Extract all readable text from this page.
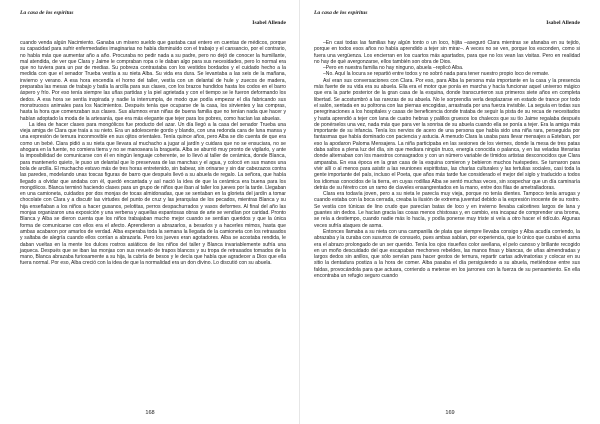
La casa de los espíritus
Isabel Allende

cuando venda algún Nacimiento. Ganaba un mísero sueldo que gastaba casi entero en cuentas de médicos, porque su capacidad para sufrir enfermedades imaginarias no había disminuido con el trabajo y el cansancio, por el contrario, no había más que aumentar año a año. Procuraba no pedir nada a su padre, pero no dejó de conocer la humillante, mal atendida, de ver que Clara y Jaime le compraban ropa o le daban algo para sus necesidades, pero lo normal era que no tuviera para un par de medias. Su pobreza contrastaba con los vestidos bordados y el cuidado hecho a la medida con que el senador Trueba vestía a su nieta Alba. Su vida era dura. Se levantaba a las seis de la mañana, invierno y verano. A esa hora encendía el horno del taller, vestía con un delantal de hule y zuecos de madera, preparaba las mesas de trabajo y batía la arcilla para sus clases, con los brazos hundidos hasta los codos en el barro áspero y frío. Por eso tenía siempre las uñas partidas y la piel agrietada y con el tiempo se le fueron deformando los dedos. A esa hora se sentía inspirada y nadie la interrumpía, de modo que podía empezar el día fabricando sus monstruosos animales para los Nacimientos. Después tenía que ocuparse de la casa, los sirvientes y las compras, hasta la hora que comenzaban sus clases. Sus alumnos eran niñas de buena familia que no tenían nada que hacer y habían adoptado la moda de la artesanía, que era más elegante que tejer para los pobres, como hacían las abuelas.

La idea de hacer clases para mongólicos fue producto del azar. Un día llegó a la casa del senador Trueba una vieja amiga de Clara que traía a su nieto. Era un adolescente gordo y blando, con una redonda cara de luna mansa y una expresión de ternura inconmovible en sus ojitos orientales. Tenía quince años, pero Alba se dio cuenta de que era como un bebé. Clara pidió a su nieta que llevara al muchacho a jugar al jardín y cuidara que no se ensuciara, no se ahogara en la fuente, no comiera tierra y no se manoseara la bragueta. Alba se aburrió muy pronto de vigilarlo, y ante la imposibilidad de comunicarse con él en ningún lenguaje coherente, se lo llevó al taller de cerámica, donde Blanca, para mantenerlo quieto, le puso un delantal que lo preservara de las manchas y el agua, y colocó en sus manos una bola de arcilla. El muchacho estuvo más de tres horas entretenido, sin babear, sin orinarse y sin dar cabezazos contra las paredes, modelando unas toscas figuras de barro que después llevó a su abuela de regalo. La señora, que había llegado a olvidar que andaba con él, quedó encantada y así nació la idea de que la cerámica era buena para los mongólicos. Blanca terminó haciendo clases para un grupo de niños que iban al taller los jueves por la tarde. Llegaban en una camioneta, cuidados por dos monjas de tocas almidonadas, que se sentaban en la glorieta del jardín a tomar chocolate con Clara y a discutir las virtudes del punto de cruz y las jerarquías de los pecados, mientras Blanca y su hija enseñaban a los niños a hacer gusanos, pelotitas, perros despachurrados y vasos deformes. Al final del año las monjas organizaron una exposición y una verbena y aquellas espantosas obras de arte se vendían por caridad. Pronto Blanca y Alba se dieron cuenta que los niños trabajaban mucho mejor cuando se sentían queridos y que la única forma de comunicarse con ellos era el afecto. Aprendieron a abrazarlos, a besarlos y a hacerles mimos, hasta que ambas acabaron por amarlos de verdad. Alba esperaba toda la semana la llegada de la camioneta con los retrasados y saltaba de alegría cuando ellos corrían a abrazarla. Pero los jueves eran agotadores. Alba se acostaba rendida, le daban vueltas en la mente los dulces rostros asiáticos de los niños del taller y Blanca invariablemente sufría una jaqueca. Después que se iban las monjas con sus revuelo de trapos blancos y su tropa de retrasados tomados de la mano, Blanca abrazaba furiosamente a su hija, la cubría de besos y le decía que había que agradecer a Dios que ella fuera normal. Por eso, Alba creció con la idea de que la normalidad era un don divino. Lo discutió con su abuela.

168
La casa de los espíritus
Isabel Allende

–En casi todas las familias hay algún tonto o un loco, hijita –aseguró Clara mientras se afanaba en su tejido, porque en todos esos años no había aprendido a tejer sin mirar–. A veces no se ven, porque los esconden, como si fuera una vergüenza. Los encierran en los cuartos más apartados, para que no los vean las visitas. Pero en realidad no hay de qué avergonzarse, ellos también son obra de Dios.

–Pero en nuestra familia no hay ninguno, abuela –replicó Alba.

–No. Aquí la locura se repartió entre todos y no sobró nada para tener nuestro propio loco de remate.

Así eran sus conversaciones con Clara. Por eso, para Alba la persona más importante en la casa y la presencia más fuerte de su vida era su abuela. Ella era el motor que ponía en marcha y hacía funcionar aquel universo mágico que era la parte posterior de la gran casa de la esquina, donde transcurrieron sus primeros siete años en completa libertad. Se acostumbró a las rarezas de su abuela. No le sorprendía verla desplazarse en estado de trance por todo el salón, sentada en su poltrona con las piernas encogidas, arrastrada por una fuerza invisible. La seguía en todas sus peregrinaciones a los hospitales y casas de beneficencia donde trataba de seguir la pista de su recua de necesitados y hasta aprendió a tejer con lana de cuatro hebras y palillos gruesos los chalecos que su tío Jaime regalaba después de ponérselos una vez, nada más que para ver la sonrisa de su abuela cuando ella se ponía a tejer. Era la amiga más importante de su infancia. Tenía los nervios de acero de una persona que había sido una niña rara, perseguida por fantasmas que había dominado con paciencia y astucia. A menudo Clara la usaba para llevar mensajes a Esteban, por eso la apodaron Paloma Mensajera. La niña participaba en las sesiones de los viernes, donde la mesa de tres patas daba saltos a plena luz del día, sin que mediara ningún truco, energía conocida o palanca, y en las veladas literarias donde alternaban con los maestros consagrados y con un número variable de tímidos artistas desconocidos que Clara amparaba. En esa época en la gran casa de la esquina comieron y bebieron muchos huéspedes. Se turnaron para vivir allí o al menos para asistir a las reuniones espiritistas, las charlas culturales y las tertulias sociales, casi toda la gente importante del país, incluso el Poeta, que años más tarde fue considerado el mejor del siglo y traducido a todos los idiomas conocidos de la tierra, en cuyas rodillas Alba se sentó muchas veces, sin sospechar que un día caminaría detrás de su féretro con un ramo de claveles ensangrentados en la mano, entre dos filas de ametralladoras.

Clara era todavía joven, pero a su nieta le parecía muy vieja, porque no tenía dientes. Tampoco tenía arrugas y cuando estaba con la boca cerrada, creaba la ilusión de extrema juventud debido a la expresión inocente de su rostro. Se vestía con túnicas de lino crudo que parecían batas de loco y en invierno llevaba calcetines largos de lana y guantes sin dedos. Le hacían gracia las cosas menos chistosas y, en cambio, era incapaz de comprender una broma, se reía a destiempo, cuando nadie más lo hacía, y podía ponerse muy triste si veía a otro hacer el ridículo. Algunas veces sufría ataques de asma.

Entonces llamaba a su nieta con una campanilla de plata que siempre llevaba consigo y Alba acudía corriendo, la abrazaba y la curaba con susurros de consuelo, pues ambas sabían, por experiencia, que lo único que curaba el asma era el abrazo prolongado de un ser querido. Tenía los ojos risueños color avellana, el pelo canoso y brillante recogido en un moño descuidado del que escapaban mechones rebeldes, las manos finas y blancas, de uñas almendradas y largos dedos sin anillos, que sólo servían para hacer gestos de ternura, repartir cartas adivinatorias y colocar en su sitio la dentadura postiza a la hora de comer. Alba pasaba el día persiguiendo a su abuela, metiéndose entre sus faldas, provocándola para que actuara, corriendo a meterse en los jarrones con la fuerza de su pensamiento. En ella encontraba un refugio seguro cuando

169
